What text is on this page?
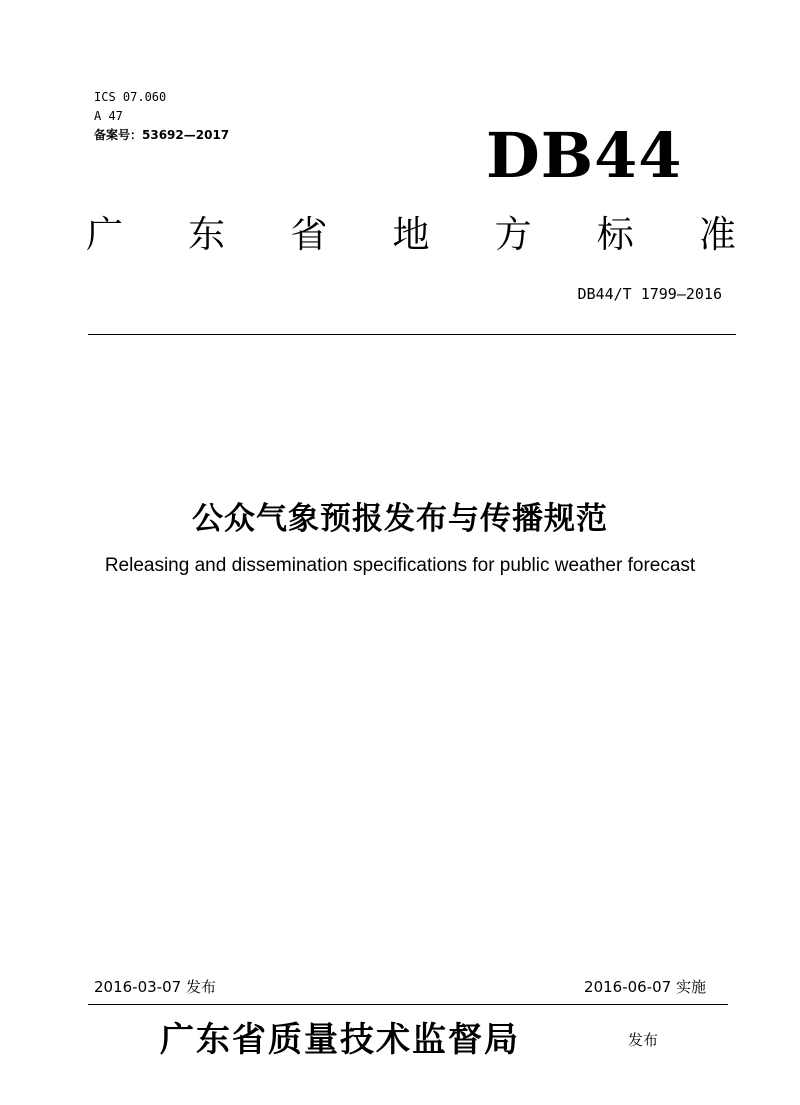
ICS 07.060
A 47
备案号：53692—2017	DB44
广 东 省 地 方 标 准
DB44/T 1799—2016
公众气象预报发布与传播规范
Releasing and dissemination specifications for public weather forecast
2016-03-07 发布	2016-06-07 实施
广东省质量技术监督局	发布
